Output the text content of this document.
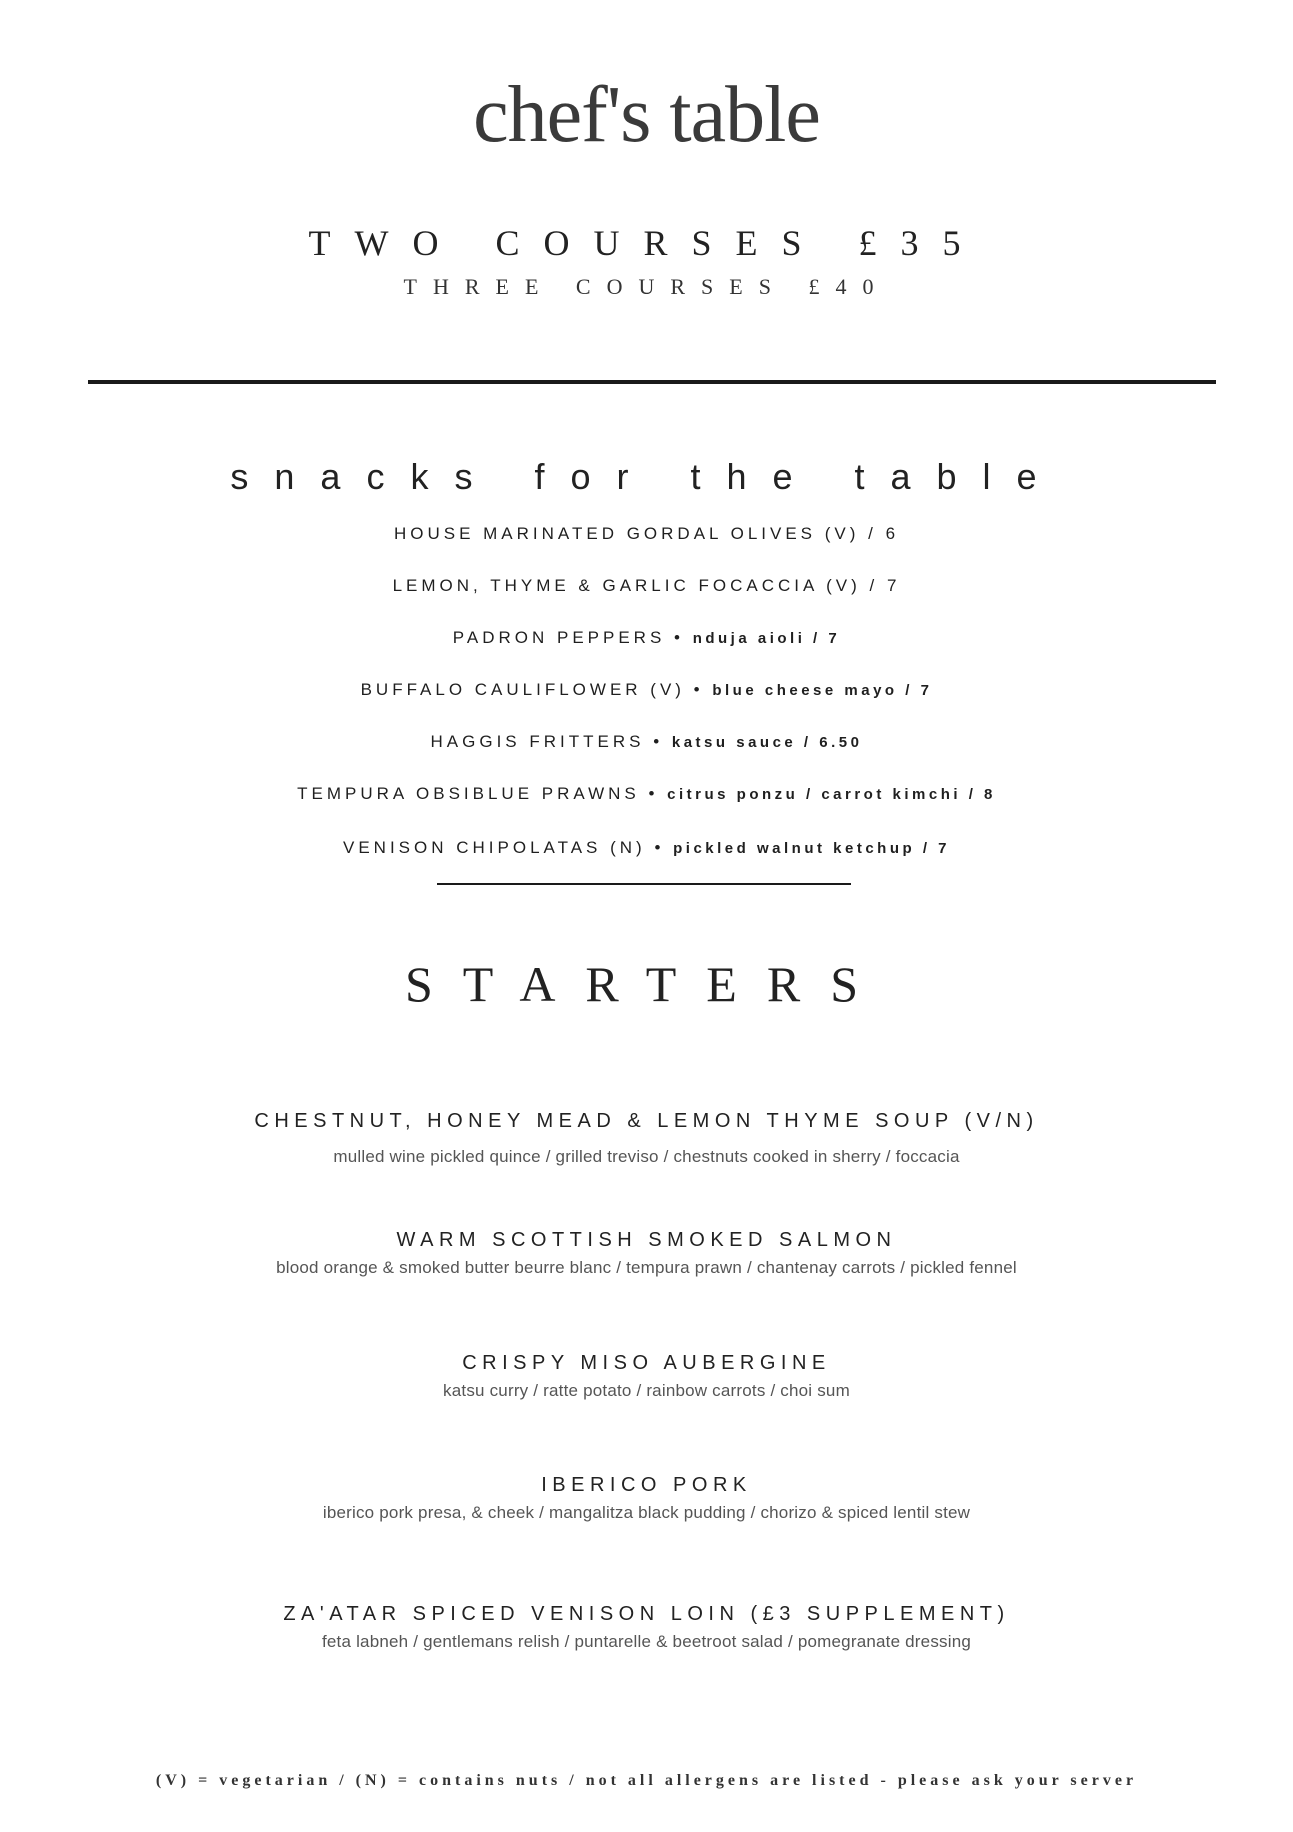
chef's table
TWO COURSES £35
THREE COURSES £40
snacks for the table
HOUSE MARINATED GORDAL OLIVES (V) / 6
LEMON, THYME & GARLIC FOCACCIA (V) / 7
PADRON PEPPERS • nduja aioli / 7
BUFFALO CAULIFLOWER (V) • blue cheese mayo / 7
HAGGIS FRITTERS • katsu sauce / 6.50
TEMPURA OBSIBLUE PRAWNS • citrus ponzu / carrot kimchi / 8
VENISON CHIPOLATAS (N) • pickled walnut ketchup / 7
STARTERS
CHESTNUT, HONEY MEAD & LEMON THYME SOUP (V/N)
mulled wine pickled quince / grilled treviso / chestnuts cooked in sherry / foccacia
WARM SCOTTISH SMOKED SALMON
blood orange & smoked butter beurre blanc / tempura prawn / chantenay carrots / pickled fennel
CRISPY MISO AUBERGINE
katsu curry / ratte potato / rainbow carrots / choi sum
IBERICO PORK
iberico pork presa, & cheek / mangalitza black pudding / chorizo & spiced lentil stew
ZA'ATAR SPICED VENISON LOIN (£3 SUPPLEMENT)
feta labneh / gentlemans relish / puntarelle & beetroot salad / pomegranate dressing
(V) = vegetarian / (N) = contains nuts / not all allergens are listed - please ask your server
